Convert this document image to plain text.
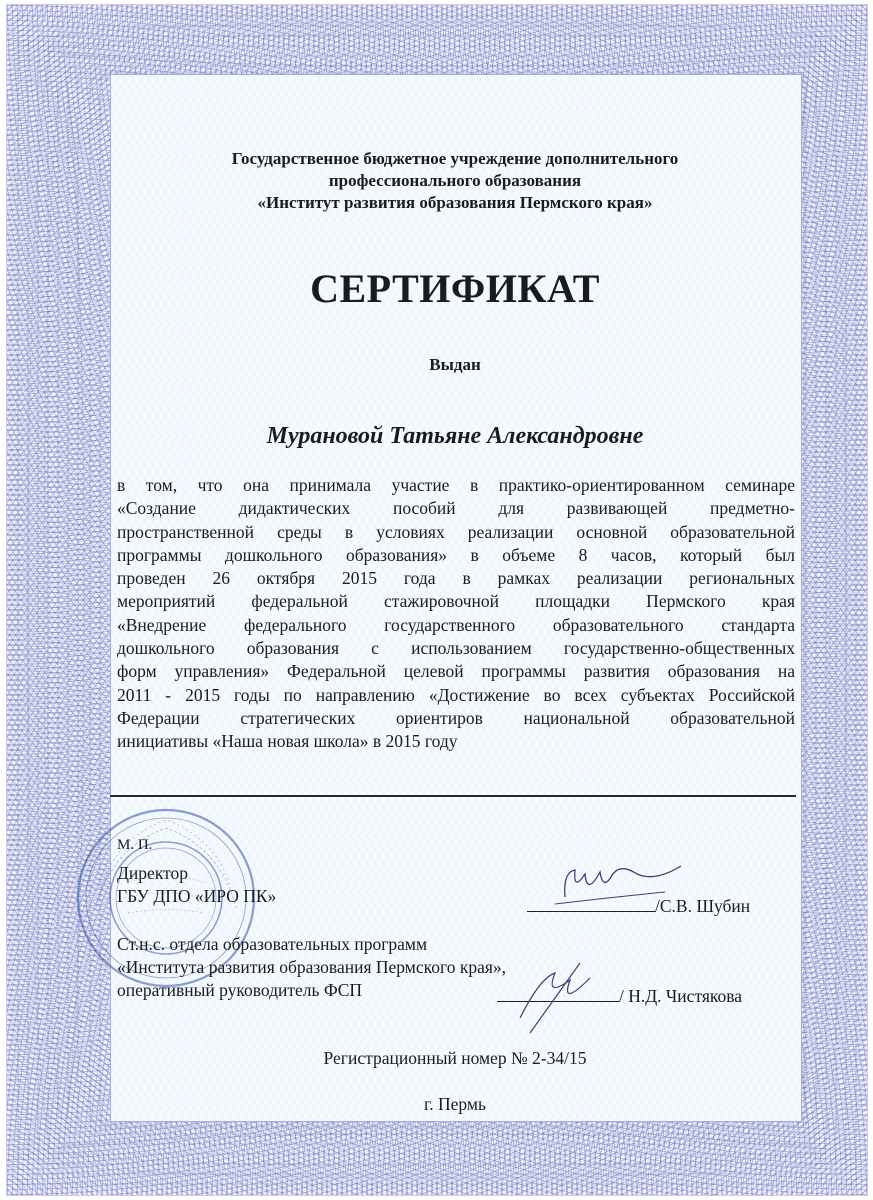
Государственное бюджетное учреждение дополнительного
профессионального образования
«Институт развития образования Пермского края»
СЕРТИФИКАТ
Выдан
Мурановой Татьяне Александровне
в том, что она принимала участие в практико-ориентированном семинаре
«Создание дидактических пособий для развивающей предметно-
пространственной среды в условиях реализации основной образовательной
программы дошкольного образования» в объеме 8 часов, который был
проведен 26 октября 2015 года в рамках реализации региональных
мероприятий федеральной стажировочной площадки Пермского края
«Внедрение федерального государственного образовательного стандарта
дошкольного образования с использованием государственно-общественных
форм управления» Федеральной целевой программы развития образования на
2011 - 2015 годы по направлению «Достижение во всех субъектах Российской
Федерации стратегических ориентиров национальной образовательной
инициативы «Наша новая школа» в 2015 году
М. П.
Директор
ГБУ ДПО «ИРО ПК»	/С.В. Шубин
Ст.н.с. отдела образовательных программ
«Института развития образования Пермского края»,
оперативный руководитель ФСП	/ Н.Д. Чистякова
Регистрационный номер № 2-34/15
г. Пермь
